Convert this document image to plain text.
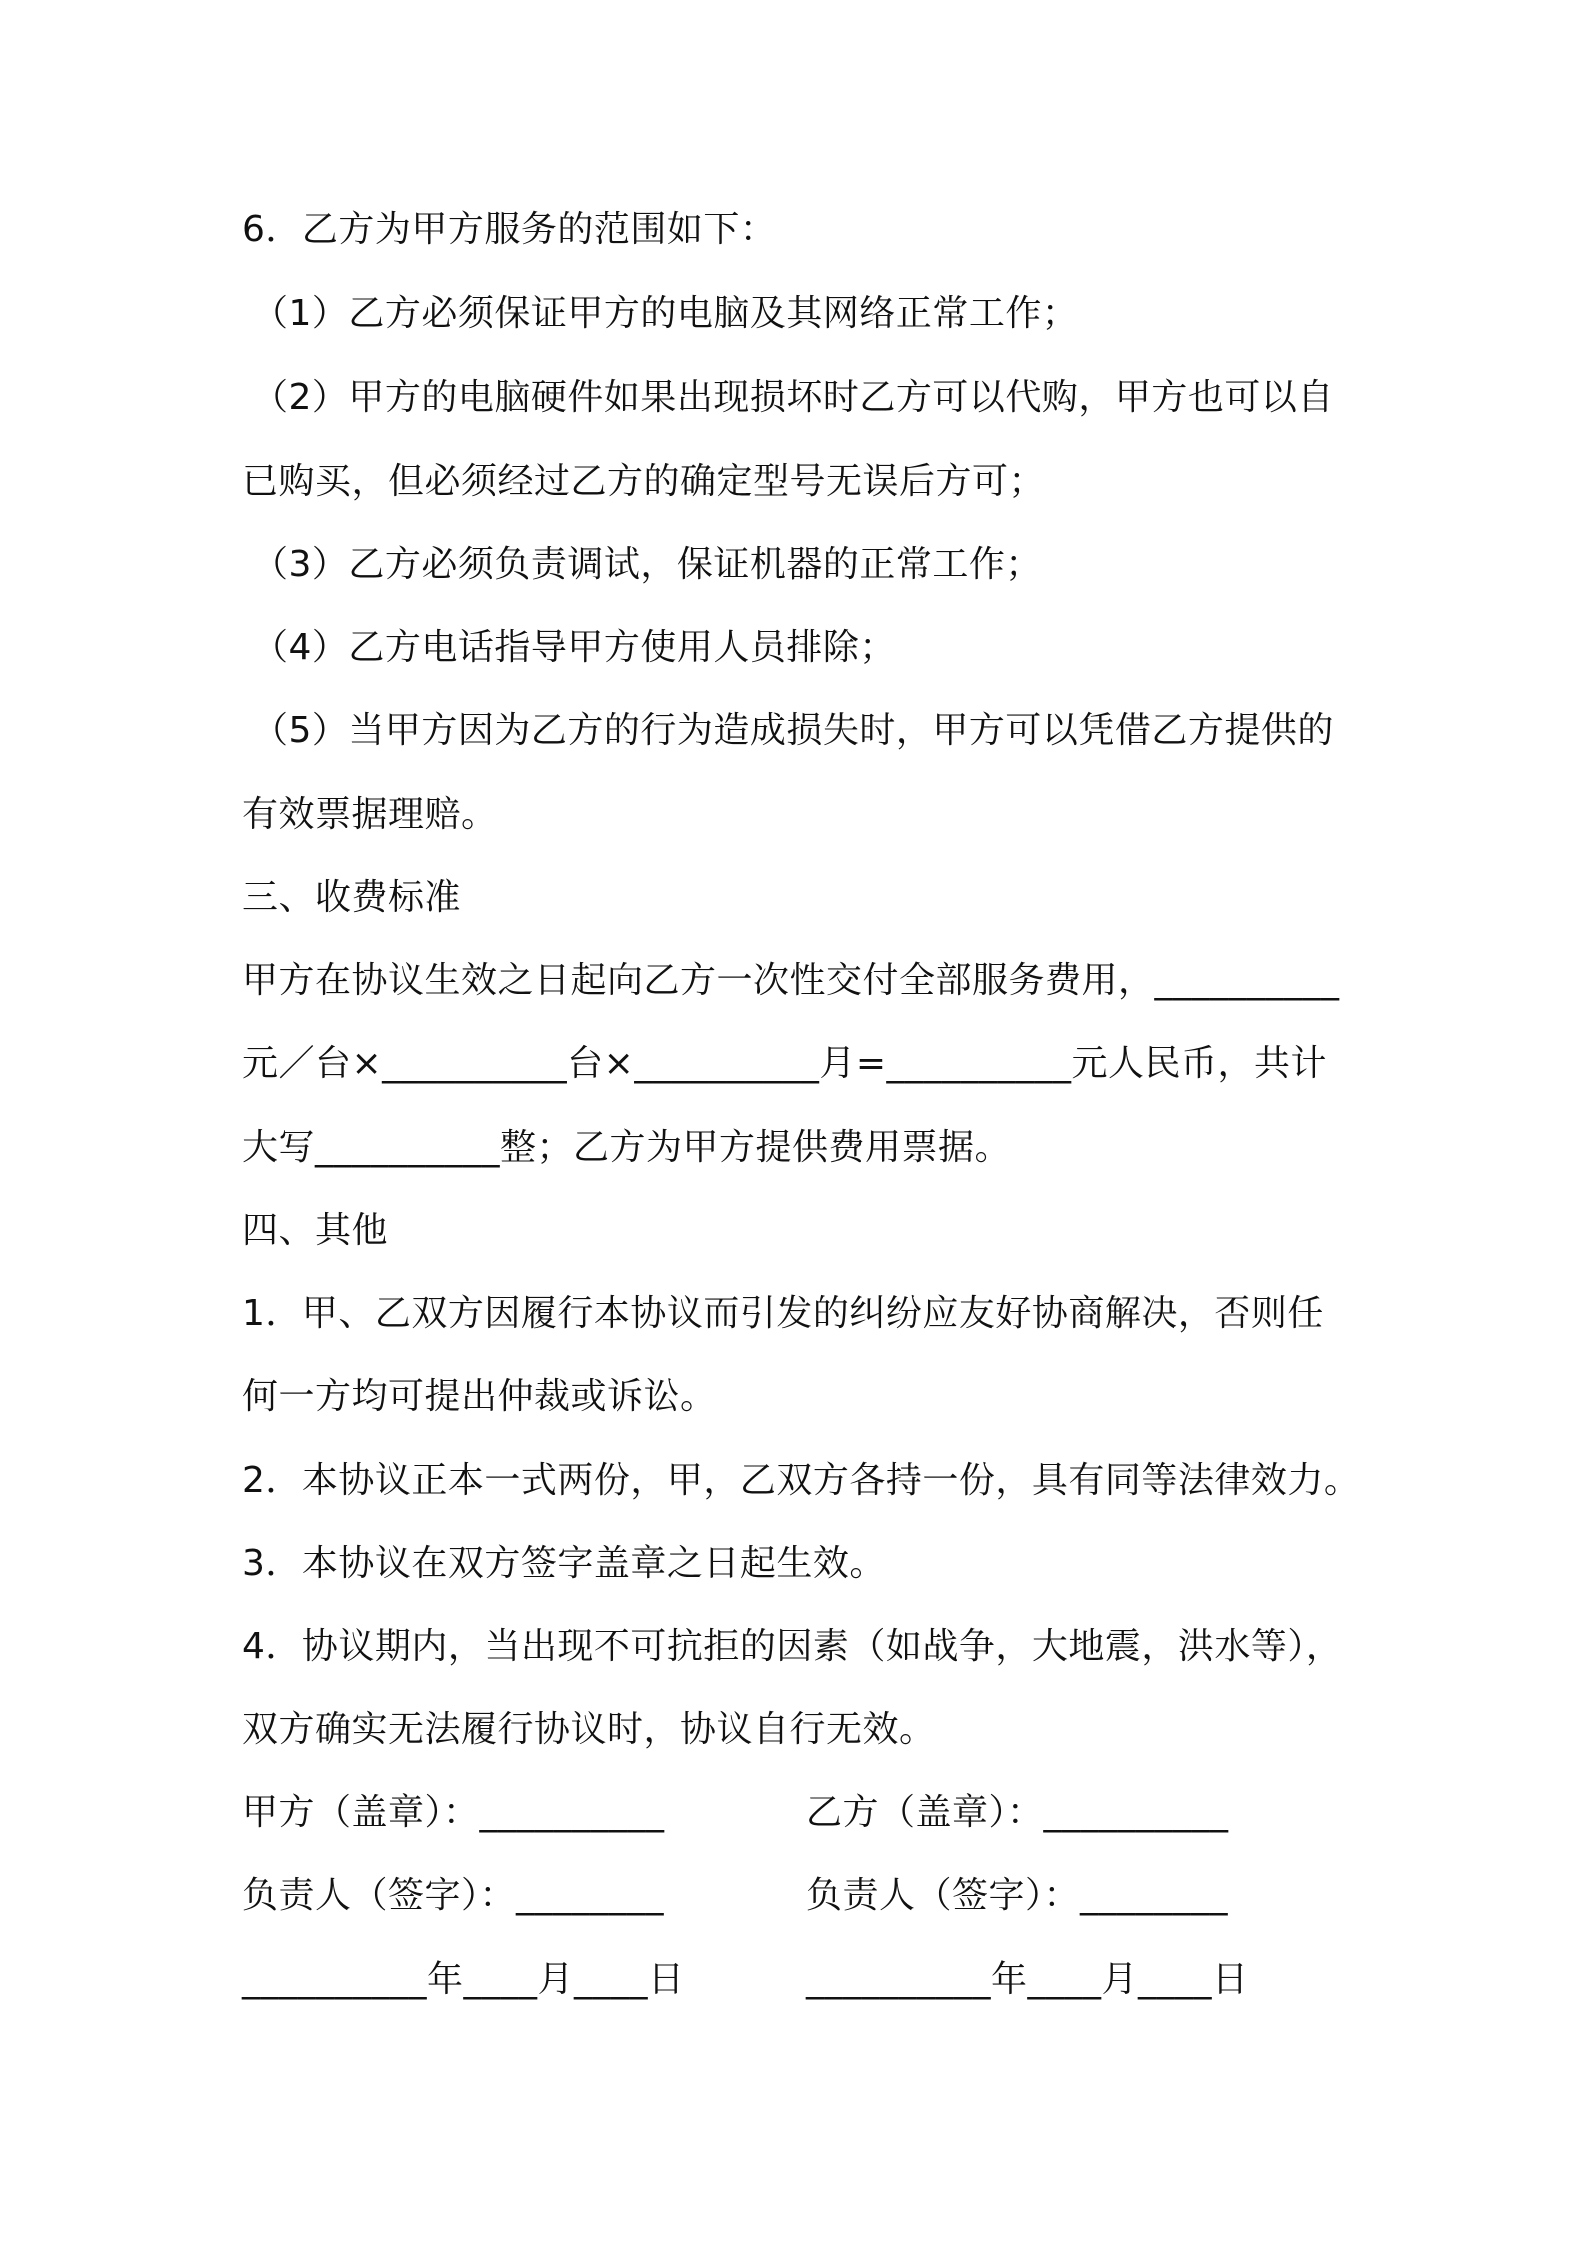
6．乙方为甲方服务的范围如下：
（1）乙方必须保证甲方的电脑及其网络正常工作；
（2）甲方的电脑硬件如果出现损坏时乙方可以代购，甲方也可以自
已购买，但必须经过乙方的确定型号无误后方可；
（3）乙方必须负责调试，保证机器的正常工作；
（4）乙方电话指导甲方使用人员排除；
（5）当甲方因为乙方的行为造成损失时，甲方可以凭借乙方提供的
有效票据理赔。
三、收费标准
甲方在协议生效之日起向乙方一次性交付全部服务费用，__________
元／台×__________台×__________月=__________元人民币，共计
大写__________整；乙方为甲方提供费用票据。
四、其他
1．甲、乙双方因履行本协议而引发的纠纷应友好协商解决，否则任
何一方均可提出仲裁或诉讼。
2．本协议正本一式两份，甲，乙双方各持一份，具有同等法律效力。
3．本协议在双方签字盖章之日起生效。
4．协议期内，当出现不可抗拒的因素（如战争，大地震，洪水等），
双方确实无法履行协议时，协议自行无效。
甲方（盖章）：__________	乙方（盖章）：__________
负责人（签字）：________	负责人（签字）：________
__________年____月____日	__________年____月____日
